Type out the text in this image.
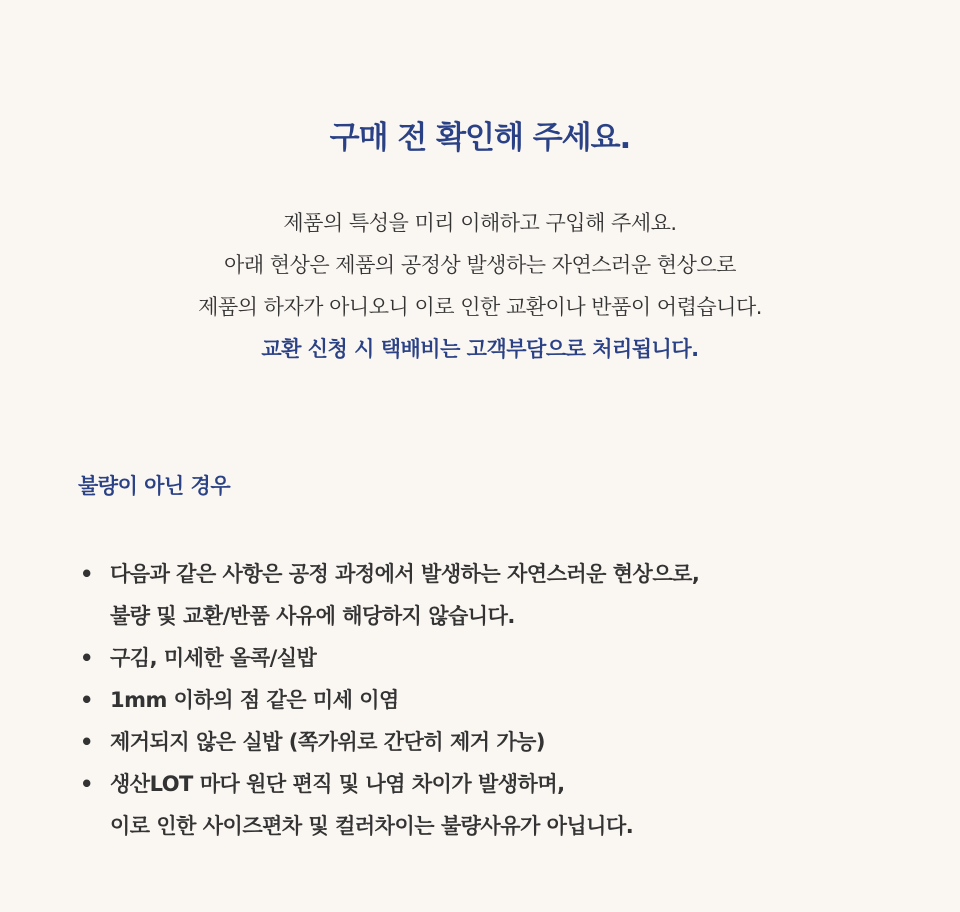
구매 전 확인해 주세요.

제품의 특성을 미리 이해하고 구입해 주세요.

아래 현상은 제품의 공정상 발생하는 자연스러운 현상으로

제품의 하자가 아니오니 이로 인한 교환이나 반품이 어렵습니다.

교환 신청 시 택배비는 고객부담으로 처리됩니다.

불량이 아닌 경우
• 다음과 같은 사항은 공정 과정에서 발생하는 자연스러운 현상으로,
불량 및 교환/반품 사유에 해당하지 않습니다.
• 구김, 미세한 올콕/실밥
• 1mm 이하의 점 같은 미세 이염
• 제거되지 않은 실밥 (쪽가위로 간단히 제거 가능)
• 생산LOT 마다 원단 편직 및 나염 차이가 발생하며,
이로 인한 사이즈편차 및 컬러차이는 불량사유가 아닙니다.
